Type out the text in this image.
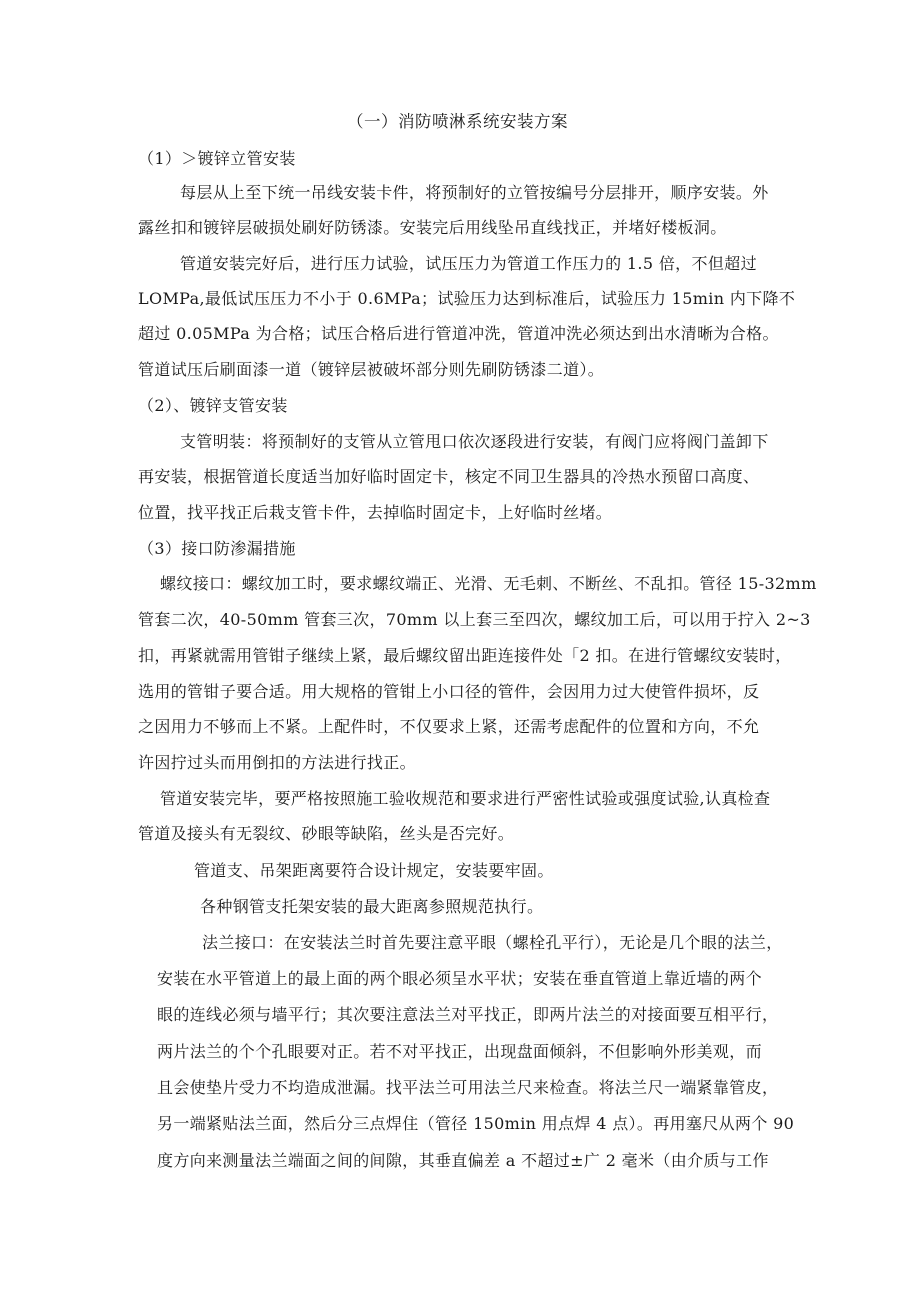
（一）消防喷淋系统安装方案

（1）＞镀锌立管安装

每层从上至下统一吊线安装卡件，将预制好的立管按编号分层排开，顺序安装。外

露丝扣和镀锌层破损处刷好防锈漆。安装完后用线坠吊直线找正，并堵好楼板洞。

管道安装完好后，进行压力试验，试压压力为管道工作压力的 1.5 倍，不但超过

LOMPa,最低试压压力不小于 0.6MPa；试验压力达到标准后，试验压力 15min 内下降不

超过 0.05MPa 为合格；试压合格后进行管道冲洗，管道冲洗必须达到出水清晰为合格。

管道试压后刷面漆一道（镀锌层被破坏部分则先刷防锈漆二道）。

（2）、镀锌支管安装

支管明装：将预制好的支管从立管甩口依次逐段进行安装，有阀门应将阀门盖卸下

再安装，根据管道长度适当加好临时固定卡，核定不同卫生器具的冷热水预留口高度、

位置，找平找正后栽支管卡件，去掉临时固定卡，上好临时丝堵。

（3）接口防渗漏措施

螺纹接口：螺纹加工时，要求螺纹端正、光滑、无毛刺、不断丝、不乱扣。管径 15-32mm

管套二次，40-50mm 管套三次，70mm 以上套三至四次，螺纹加工后，可以用于拧入 2~3

扣，再紧就需用管钳子继续上紧，最后螺纹留出距连接件处「2 扣。在进行管螺纹安装时，

选用的管钳子要合适。用大规格的管钳上小口径的管件，会因用力过大使管件损坏，反

之因用力不够而上不紧。上配件时，不仅要求上紧，还需考虑配件的位置和方向，不允

许因拧过头而用倒扣的方法进行找正。

管道安装完毕，要严格按照施工验收规范和要求进行严密性试验或强度试验,认真检查

管道及接头有无裂纹、砂眼等缺陷，丝头是否完好。

管道支、吊架距离要符合设计规定，安装要牢固。

各种钢管支托架安装的最大距离参照规范执行。

法兰接口：在安装法兰时首先要注意平眼（螺栓孔平行），无论是几个眼的法兰，

安装在水平管道上的最上面的两个眼必须呈水平状；安装在垂直管道上靠近墙的两个

眼的连线必须与墙平行；其次要注意法兰对平找正，即两片法兰的对接面要互相平行，

两片法兰的个个孔眼要对正。若不对平找正，出现盘面倾斜，不但影响外形美观，而

且会使垫片受力不均造成泄漏。找平法兰可用法兰尺来检查。将法兰尺一端紧靠管皮，

另一端紧贴法兰面，然后分三点焊住（管径 150min 用点焊 4 点）。再用塞尺从两个 90

度方向来测量法兰端面之间的间隙，其垂直偏差 a 不超过±广 2 毫米（由介质与工作
